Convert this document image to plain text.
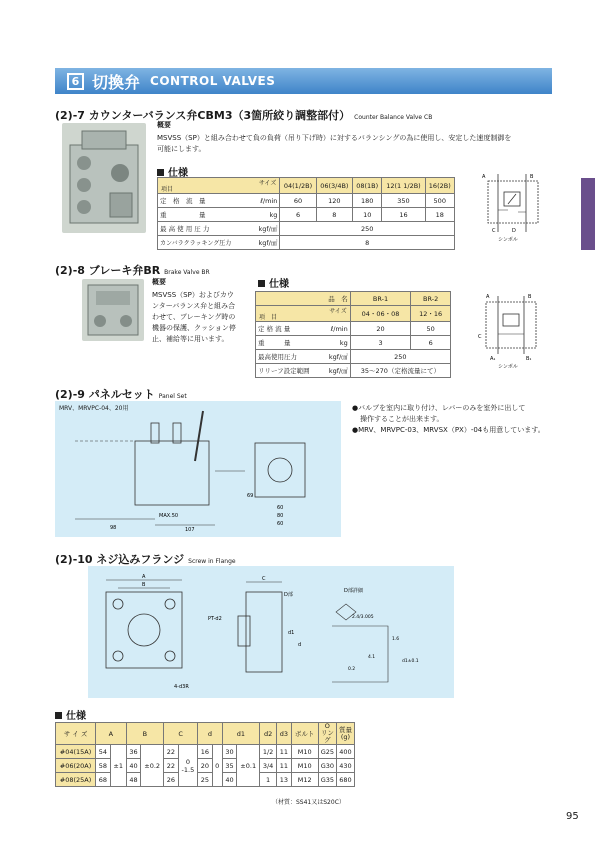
6 切換弁 CONTROL VALVES
(2)-7 カウンターバランス弁CBM3（3箇所絞り調整部付） Counter Balance Valve CB
概要
MSVSS（SP）と組み合わせて負の負荷（吊り下げ時）に対するバランシングの為に使用し、安定した速度制御を
可能にします。
仕様
サイズ
項目		04(1/2B)	06(3/4B)	08(1B)	12(1 1/2B)	16(2B)
定　格　流　量	ℓ/min	60	120	180	350	500
重　　　　　量	kg	6	8	10	16	18
最 高 使 用 圧 力	kgf/㎠	250				
カンバラクラッキング圧力	kgf/㎠	8				
A	B
C	D
シンボル
(2)-8 ブレーキ弁BR Brake Valve BR
概要
MSVSS（SP）およびカウ
ンターバランス弁と組み合
わせて、ブレーキング時の
機器の保護、クッション停
止、補給等に用います。
仕様
品　名		BR-1	BR-2

サイズ
項　目		04・06・08	12・16
定 格 流 量	ℓ/min	20	50
重　　　量	kg	3	6
最高使用圧力	kgf/㎠	250	
リリーフ設定範囲	kgf/㎠	35～270（定格流量にて）	
A	B
C
A₁	B₁
シンボル
(2)-9 パネルセット Panel Set
MRV、MRVPC-04、20用
98	107
MAX.50
60
80
60
69
●バルブを室内に取り付け、レバーのみを室外に出して
操作することが出来ます。
●MRV、MRVPC-03、MRVSX（PX）-04も用意しています。
(2)-10 ネジ込みフランジ Screw in Flange
A
B
4-d3R
C
D部
PT-d2
d1
d
D部詳細
2.4/3.005
1.6
4.1
0.2
d1±0.1
仕様
サ イ ズ	A		B		C		d		d1		d2	d3	ボルト	O リング	質量 (g)
#04(15A)	54	±1	36	±0.2	22	0
-1.5	16	0	30	±0.1	1/2	11	M10	G25	400
#06(20A)	58		40		22		20		35		3/4	11	M10	G30	430
#08(25A)	68		48		26		25		40		1	13	M12	G35	680
（材質：SS41又はS20C）
95
